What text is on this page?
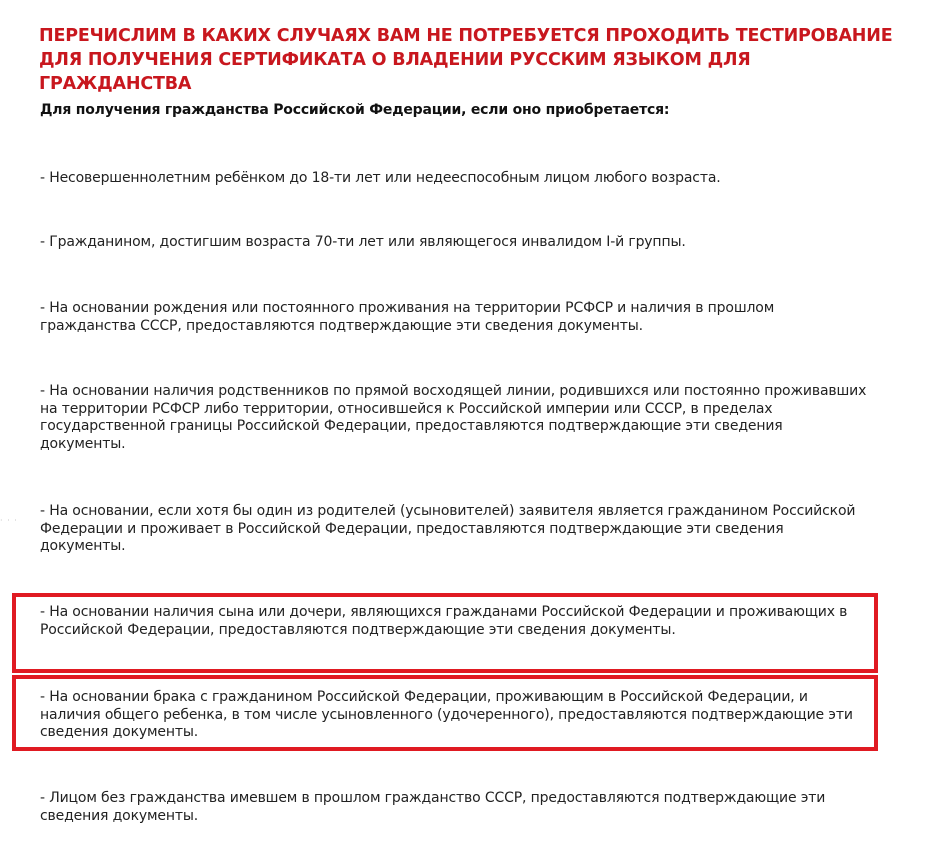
ПЕРЕЧИСЛИМ В КАКИХ СЛУЧАЯХ ВАМ НЕ ПОТРЕБУЕТСЯ ПРОХОДИТЬ ТЕСТИРОВАНИЕ ДЛЯ ПОЛУЧЕНИЯ СЕРТИФИКАТА О ВЛАДЕНИИ РУССКИМ ЯЗЫКОМ ДЛЯ ГРАЖДАНСТВА

Для получения гражданства Российской Федерации, если оно приобретается:

- Несовершеннолетним ребёнком до 18-ти лет или недееспособным лицом любого возраста.

- Гражданином, достигшим возраста 70-ти лет или являющегося инвалидом I-й группы.

- На основании рождения или постоянного проживания на территории РСФСР и наличия в прошлом гражданства СССР, предоставляются подтверждающие эти сведения документы.

- На основании наличия родственников по прямой восходящей линии, родившихся или постоянно проживавших на территории РСФСР либо территории, относившейся к Российской империи или СССР, в пределах государственной границы Российской Федерации, предоставляются подтверждающие эти сведения документы.

- На основании, если хотя бы один из родителей (усыновителей) заявителя является гражданином Российской Федерации и проживает в Российской Федерации, предоставляются подтверждающие эти сведения документы.

· · ·

- На основании наличия сына или дочери, являющихся гражданами Российской Федерации и проживающих в Российской Федерации, предоставляются подтверждающие эти сведения документы.

- На основании брака с гражданином Российской Федерации, проживающим в Российской Федерации, и наличия общего ребенка, в том числе усыновленного (удочеренного), предоставляются подтверждающие эти сведения документы.

- Лицом без гражданства имевшем в прошлом гражданство СССР, предоставляются подтверждающие эти сведения документы.
